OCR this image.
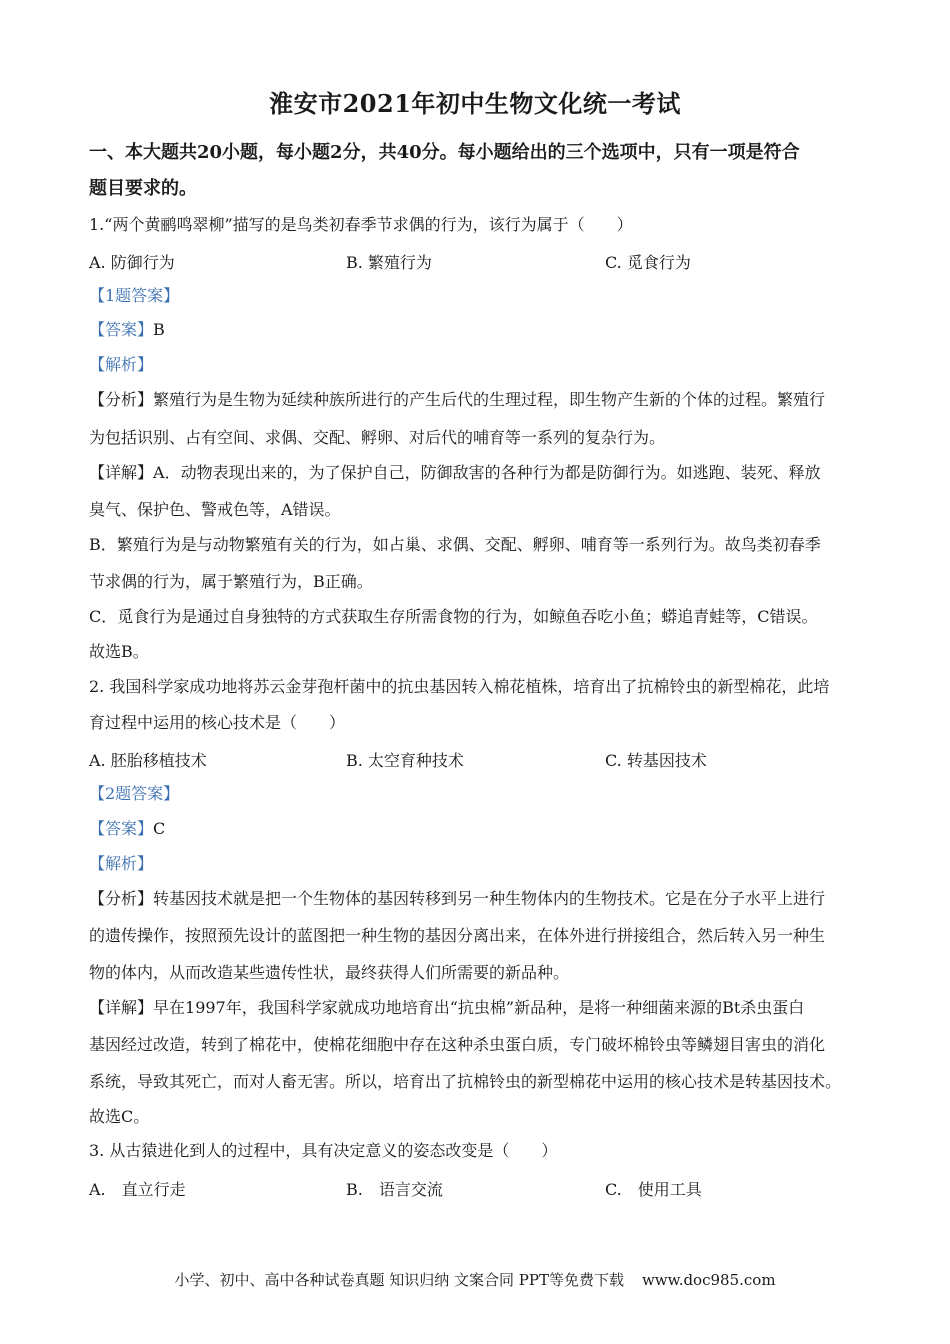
淮安市2021年初中生物文化统一考试
一、本大题共20小题，每小题2分，共40分。每小题给出的三个选项中，只有一项是符合
题目要求的。
1.“两个黄鹂鸣翠柳”描写的是鸟类初春季节求偶的行为，该行为属于（　　）
A. 防御行为	B. 繁殖行为	C. 觅食行为
【1题答案】
【答案】B
【解析】
【分析】繁殖行为是生物为延续种族所进行的产生后代的生理过程，即生物产生新的个体的过程。繁殖行
为包括识别、占有空间、求偶、交配、孵卵、对后代的哺育等一系列的复杂行为。
【详解】A．动物表现出来的，为了保护自己，防御敌害的各种行为都是防御行为。如逃跑、装死、释放
臭气、保护色、警戒色等，A错误。
B．繁殖行为是与动物繁殖有关的行为，如占巢、求偶、交配、孵卵、哺育等一系列行为。故鸟类初春季
节求偶的行为，属于繁殖行为，B正确。
C．觅食行为是通过自身独特的方式获取生存所需食物的行为，如鲸鱼吞吃小鱼；蟒追青蛙等，C错误。
故选B。
2. 我国科学家成功地将苏云金芽孢杆菌中的抗虫基因转入棉花植株，培育出了抗棉铃虫的新型棉花，此培
育过程中运用的核心技术是（　　）
A. 胚胎移植技术	B. 太空育种技术	C. 转基因技术
【2题答案】
【答案】C
【解析】
【分析】转基因技术就是把一个生物体的基因转移到另一种生物体内的生物技术。它是在分子水平上进行
的遗传操作，按照预先设计的蓝图把一种生物的基因分离出来，在体外进行拼接组合，然后转入另一种生
物的体内，从而改造某些遗传性状，最终获得人们所需要的新品种。
【详解】早在1997年，我国科学家就成功地培育出“抗虫棉”新品种，是将一种细菌来源的Bt杀虫蛋白
基因经过改造，转到了棉花中，使棉花细胞中存在这种杀虫蛋白质，专门破坏棉铃虫等鳞翅目害虫的消化
系统，导致其死亡，而对人畜无害。所以，培育出了抗棉铃虫的新型棉花中运用的核心技术是转基因技术。
故选C。
3. 从古猿进化到人的过程中，具有决定意义的姿态改变是（　　）
A.　直立行走	B.　语言交流	C.　使用工具
小学、初中、高中各种试卷真题 知识归纳 文案合同 PPT等免费下载 www.doc985.com
